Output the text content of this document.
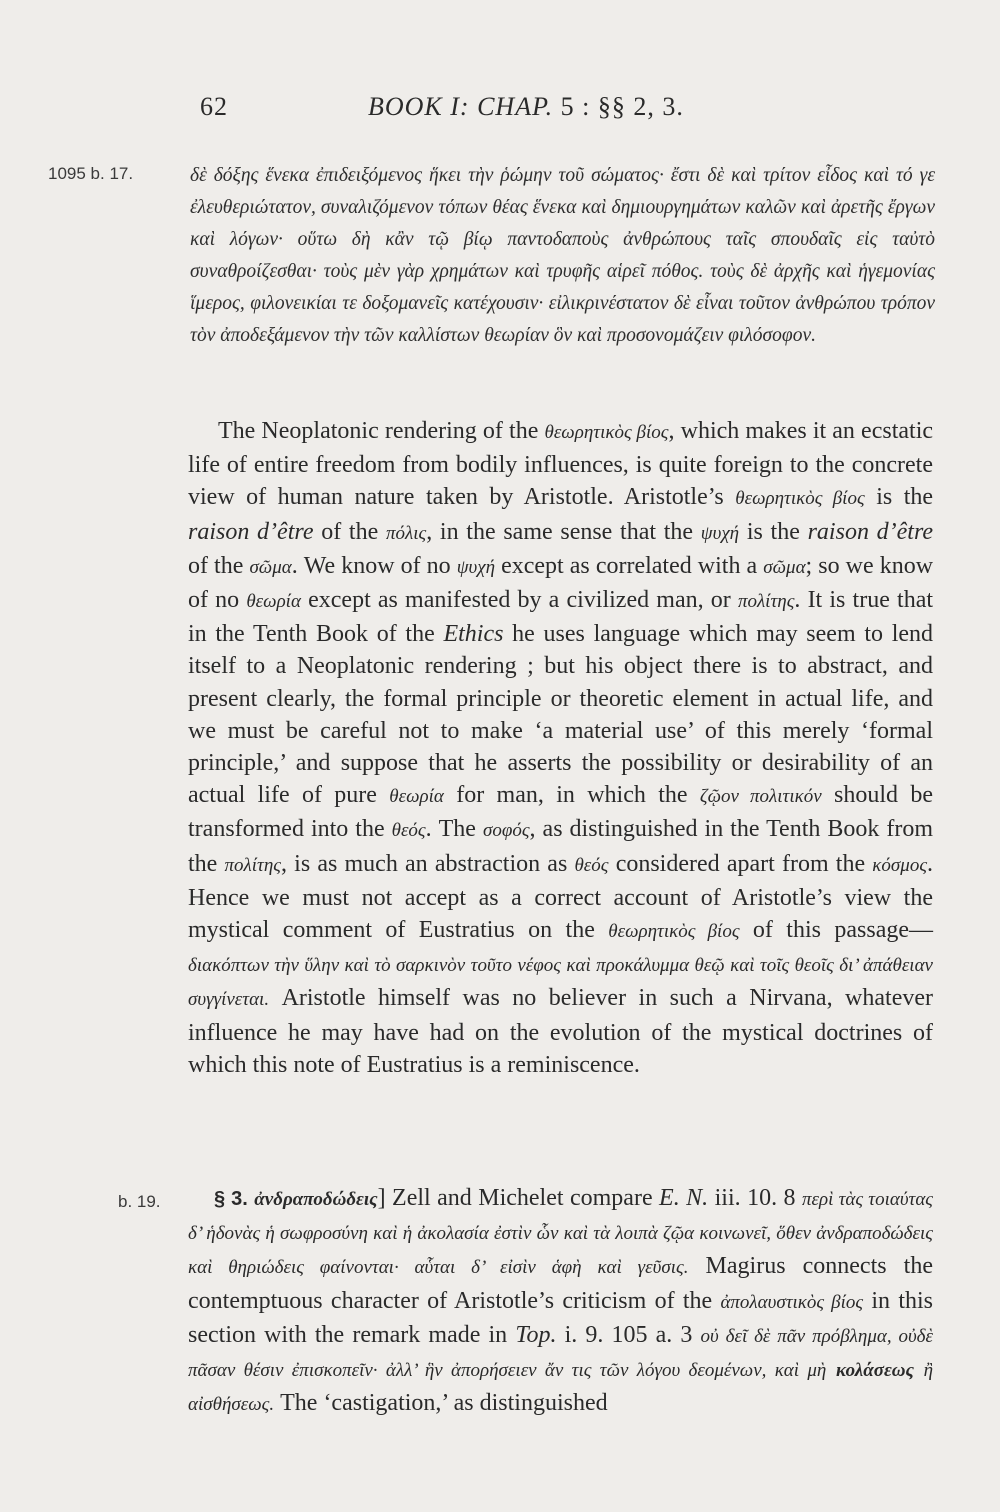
62	BOOK I: CHAP. 5 : §§ 2, 3.
1095 b. 17.
b. 19.
δὲ δόξης ἕνεκα ἐπιδειξόμενος ἥκει τὴν ῥώμην τοῦ σώματος· ἔστι δὲ καὶ τρίτον εἶδος καὶ τό γε ἐλευθεριώτατον, συναλιζόμενον τόπων θέας ἕνεκα καὶ δημιουργημάτων καλῶν καὶ ἀρετῆς ἔργων καὶ λόγων· οὕτω δὴ κἂν τῷ βίῳ παντοδαποὺς ἀνθρώπους ταῖς σπουδαῖς εἰς ταὐτὸ συναθροίζεσθαι· τοὺς μὲν γὰρ χρημάτων καὶ τρυφῆς αἱρεῖ πόθος. τοὺς δὲ ἀρχῆς καὶ ἡγεμονίας ἵμερος, φιλονεικίαι τε δοξομανεῖς κατέχουσιν· εἰλικρινέστατον δὲ εἶναι τοῦτον ἀνθρώπου τρόπον τὸν ἀποδεξάμενον τὴν τῶν καλλίστων θεωρίαν ὃν καὶ προσονομάζειν φιλόσοφον.
The Neoplatonic rendering of the θεωρητικὸς βίος, which makes it an ecstatic life of entire freedom from bodily influences, is quite foreign to the concrete view of human nature taken by Aristotle. Aristotle’s θεωρητικὸς βίος is the raison d’être of the πόλις, in the same sense that the ψυχή is the raison d’être of the σῶμα. We know of no ψυχή except as correlated with a σῶμα; so we know of no θεωρία except as manifested by a civilized man, or πολίτης. It is true that in the Tenth Book of the Ethics he uses language which may seem to lend itself to a Neoplatonic rendering ; but his object there is to abstract, and present clearly, the formal principle or theoretic element in actual life, and we must be careful not to make ‘a material use’ of this merely ‘formal principle,’ and suppose that he asserts the possibility or desirability of an actual life of pure θεωρία for man, in which the ζῷον πολιτικόν should be transformed into the θεός. The σοφός, as distinguished in the Tenth Book from the πολίτης, is as much an abstraction as θεός considered apart from the κόσμος. Hence we must not accept as a correct account of Aristotle’s view the mystical comment of Eustratius on the θεωρητικὸς βίος of this passage—διακόπτων τὴν ὕλην καὶ τὸ σαρκινὸν τοῦτο νέφος καὶ προκάλυμμα θεῷ καὶ τοῖς θεοῖς δι’ ἀπάθειαν συγγίνεται. Aristotle himself was no believer in such a Nirvana, whatever influence he may have had on the evolution of the mystical doctrines of which this note of Eustratius is a reminiscence.
§ 3. ἀνδραποδώδεις] Zell and Michelet compare E. N. iii. 10. 8 περὶ τὰς τοιαύτας δ’ ἡδονὰς ἡ σωφροσύνη καὶ ἡ ἀκολασία ἐστὶν ὧν καὶ τὰ λοιπὰ ζῷα κοινωνεῖ, ὅθεν ἀνδραποδώδεις καὶ θηριώδεις φαίνονται· αὗται δ’ εἰσὶν ἁφὴ καὶ γεῦσις. Magirus connects the contemptuous character of Aristotle’s criticism of the ἀπολαυστικὸς βίος in this section with the remark made in Top. i. 9. 105 a. 3 οὐ δεῖ δὲ πᾶν πρόβλημα, οὐδὲ πᾶσαν θέσιν ἐπισκοπεῖν· ἀλλ’ ἣν ἀπορήσειεν ἄν τις τῶν λόγου δεομένων, καὶ μὴ κολάσεως ἢ αἰσθήσεως. The ‘castigation,’ as distinguished
